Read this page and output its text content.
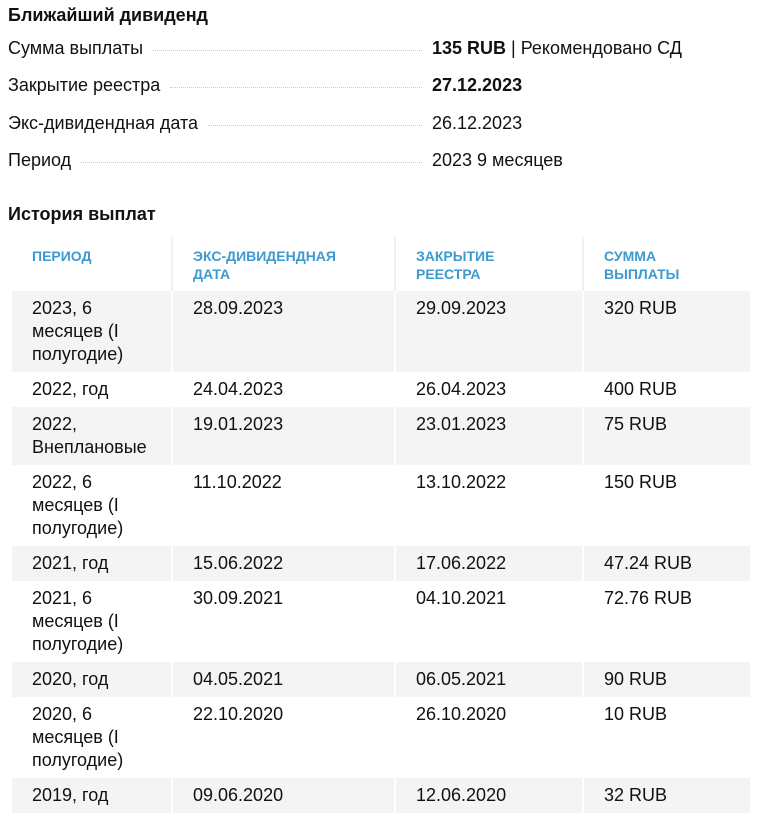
Ближайший дивиденд
Сумма выплаты	135 RUB | Рекомендовано СД
Закрытие реестра	27.12.2023
Экс-дивидендная дата	26.12.2023
Период	2023 9 месяцев
История выплат
ПЕРИОД	ЭКС-ДИВИДЕНДНАЯ ДАТА	ЗАКРЫТИЕ РЕЕСТРА	СУММА ВЫПЛАТЫ
2023, 6 месяцев (I полугодие)	28.09.2023	29.09.2023	320 RUB
2022, год	24.04.2023	26.04.2023	400 RUB
2022, Внеплановые	19.01.2023	23.01.2023	75 RUB
2022, 6 месяцев (I полугодие)	11.10.2022	13.10.2022	150 RUB
2021, год	15.06.2022	17.06.2022	47.24 RUB
2021, 6 месяцев (I полугодие)	30.09.2021	04.10.2021	72.76 RUB
2020, год	04.05.2021	06.05.2021	90 RUB
2020, 6 месяцев (I полугодие)	22.10.2020	26.10.2020	10 RUB
2019, год	09.06.2020	12.06.2020	32 RUB
